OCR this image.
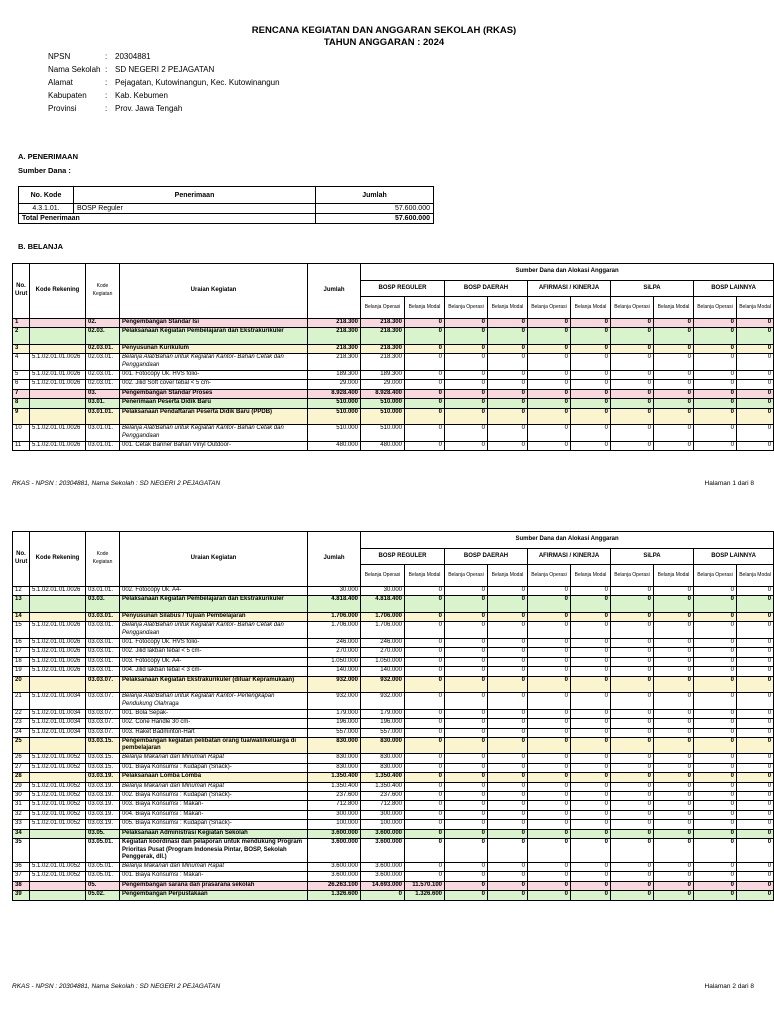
RENCANA KEGIATAN DAN ANGGARAN SEKOLAH (RKAS)
TAHUN ANGGARAN : 2024
NPSN	: 20304881
Nama Sekolah : SD NEGERI 2 PEJAGATAN
Alamat	: Pejagatan, Kutowinangun, Kec. Kutowinangun
Kabupaten : Kab. Kebumen
Provinsi	: Prov. Jawa Tengah
A. PENERIMAAN
Sumber Dana :
No. Kode	Penerimaan	Jumlah
4.3.1.01.	BOSP Reguler	57.600.000
Total Penerimaan		57.600.000
B. BELANJA
No. Urut	Kode Rekening	Kode Kegiatan	Uraian Kegiatan	Jumlah	Sumber Dana dan Alokasi Anggaran									
					BOSP REGULER		BOSP DAERAH		AFIRMASI / KINERJA		SiLPA		BOSP LAINNYA	
					Belanja Operasi	Belanja Modal	Belanja Operasi	Belanja Modal	Belanja Operasi	Belanja Modal	Belanja Operasi	Belanja Modal	Belanja Operasi	Belanja Modal
1		02.	Pengembangan Standar Isi	218.300	218.300	0	0	0	0	0	0	0	0	0
2		02.03.	Pelaksanaan Kegiatan Pembelajaran dan Ekstrakurikuler	218.300	218.300	0	0	0	0	0	0	0	0	0
3		02.03.01.	Penyusunan Kurikulum	218.300	218.300	0	0	0	0	0	0	0	0	0
4	5.1.02.01.01.0026	02.03.01.	Belanja Alat/Bahan untuk Kegiatan Kantor- Bahan Cetak dan Penggandaan	218.300	218.300	0	0	0	0	0	0	0	0	0
5	5.1.02.01.01.0026	02.03.01.	001. Fotocopy Uk. HVS folio-	189.300	189.300	0	0	0	0	0	0	0	0	0
6	5.1.02.01.01.0026	02.03.01.	002. Jilid Soft cover tebal < 5 cm-	29.000	29.000	0	0	0	0	0	0	0	0	0
7		03.	Pengembangan Standar Proses	8.928.400	8.928.400	0	0	0	0	0	0	0	0	0
8		03.01.	Penerimaan Peserta Didik Baru	510.000	510.000	0	0	0	0	0	0	0	0	0
9		03.01.01.	Pelaksanaan Pendaftaran Peserta Didik Baru (PPDB)	510.000	510.000	0	0	0	0	0	0	0	0	0
10	5.1.02.01.01.0026	03.01.01.	Belanja Alat/Bahan untuk Kegiatan Kantor- Bahan Cetak dan Penggandaan	510.000	510.000	0	0	0	0	0	0	0	0	0
11	5.1.02.01.01.0026	03.01.01.	001. Cetak Banner Bahan Vinyl Outdoor-	480.000	480.000	0	0	0	0	0	0	0	0	0
RKAS - NPSN : 20304881, Nama Sekolah : SD NEGERI 2 PEJAGATAN	Halaman 1 dari 8
No. Urut	Kode Rekening	Kode Kegiatan	Uraian Kegiatan	Jumlah	Sumber Dana dan Alokasi Anggaran									
					BOSP REGULER		BOSP DAERAH		AFIRMASI / KINERJA		SiLPA		BOSP LAINNYA	
					Belanja Operasi	Belanja Modal	Belanja Operasi	Belanja Modal	Belanja Operasi	Belanja Modal	Belanja Operasi	Belanja Modal	Belanja Operasi	Belanja Modal
12	5.1.02.01.01.0026	03.01.01.	002. Fotocopy Uk. A4-	30.000	30.000	0	0	0	0	0	0	0	0	0
13		03.03.	Pelaksanaan Kegiatan Pembelajaran dan Ekstrakurikuler	4.818.400	4.818.400	0	0	0	0	0	0	0	0	0
14		03.03.01.	Penyusunan Silabus / Tujuan Pembelajaran	1.706.000	1.706.000	0	0	0	0	0	0	0	0	0
15	5.1.02.01.01.0026	03.03.01.	Belanja Alat/Bahan untuk Kegiatan Kantor- Bahan Cetak dan Penggandaan	1.706.000	1.706.000	0	0	0	0	0	0	0	0	0
16	5.1.02.01.01.0026	03.03.01.	001. Fotocopy Uk. HVS folio-	246.000	246.000	0	0	0	0	0	0	0	0	0
17	5.1.02.01.01.0026	03.03.01.	002. Jilid lakban tebal < 5 cm-	270.000	270.000	0	0	0	0	0	0	0	0	0
18	5.1.02.01.01.0026	03.03.01.	003. Fotocopy Uk. A4-	1.050.000	1.050.000	0	0	0	0	0	0	0	0	0
19	5.1.02.01.01.0026	03.03.01.	004. Jilid lakban tebal < 3 cm-	140.000	140.000	0	0	0	0	0	0	0	0	0
20		03.03.07.	Pelaksanaan Kegiatan Ekstrakurikuler (diluar Kepramukaan)	932.000	932.000	0	0	0	0	0	0	0	0	0
21	5.1.02.01.01.0034	03.03.07.	Belanja Alat/Bahan untuk Kegiatan Kantor- Perlengkapan Pendukung Olahraga	932.000	932.000	0	0	0	0	0	0	0	0	0
22	5.1.02.01.01.0034	03.03.07.	001. Bola Sepak-	179.000	179.000	0	0	0	0	0	0	0	0	0
23	5.1.02.01.01.0034	03.03.07.	002. Cone Handle 30 cm-	196.000	196.000	0	0	0	0	0	0	0	0	0
24	5.1.02.01.01.0034	03.03.07.	003. Raket Badminton-Hart	557.000	557.000	0	0	0	0	0	0	0	0	0
25		03.03.15.	Pengembangan kegiatan pelibatan orang tua/wali/keluarga di pembelajaran	830.000	830.000	0	0	0	0	0	0	0	0	0
26	5.1.02.01.01.0052	03.03.15.	Belanja Makanan dan Minuman Rapat	830.000	830.000	0	0	0	0	0	0	0	0	0
27	5.1.02.01.01.0052	03.03.15.	001. Biaya Konsumsi : Kudapan (Snack)-	830.000	830.000	0	0	0	0	0	0	0	0	0
28		03.03.19.	Pelaksanaan Lomba Lomba	1.350.400	1.350.400	0	0	0	0	0	0	0	0	0
29	5.1.02.01.01.0052	03.03.19.	Belanja Makanan dan Minuman Rapat	1.350.400	1.350.400	0	0	0	0	0	0	0	0	0
30	5.1.02.01.01.0052	03.03.19.	002. Biaya Konsumsi : Kudapan (Snack)-	237.600	237.600	0	0	0	0	0	0	0	0	0
31	5.1.02.01.01.0052	03.03.19.	003. Biaya Konsumsi : Makan-	712.800	712.800	0	0	0	0	0	0	0	0	0
32	5.1.02.01.01.0052	03.03.19.	004. Biaya Konsumsi : Makan-	300.000	300.000	0	0	0	0	0	0	0	0	0
33	5.1.02.01.01.0052	03.03.19.	005. Biaya Konsumsi : Kudapan (Snack)-	100.000	100.000	0	0	0	0	0	0	0	0	0
34		03.05.	Pelaksanaan Administrasi Kegiatan Sekolah	3.600.000	3.600.000	0	0	0	0	0	0	0	0	0
35		03.05.01.	Kegiatan koordinasi dan pelaporan untuk mendukung Program Prioritas Pusat (Program Indonesia Pintar, BOSP, Sekolah Penggerak, dll.)	3.600.000	3.600.000	0	0	0	0	0	0	0	0	0
36	5.1.02.01.01.0052	03.05.01.	Belanja Makanan dan Minuman Rapat	3.600.000	3.600.000	0	0	0	0	0	0	0	0	0
37	5.1.02.01.01.0052	03.05.01.	001. Biaya Konsumsi : Makan-	3.600.000	3.600.000	0	0	0	0	0	0	0	0	0
38		05.	Pengembangan sarana dan prasarana sekolah	26.263.100	14.693.000	11.570.100	0	0	0	0	0	0	0	0
39		05.02.	Pengembangan Perpustakaan	1.326.600	0	1.326.600	0	0	0	0	0	0	0	0
RKAS - NPSN : 20304881, Nama Sekolah : SD NEGERI 2 PEJAGATAN	Halaman 2 dari 8
